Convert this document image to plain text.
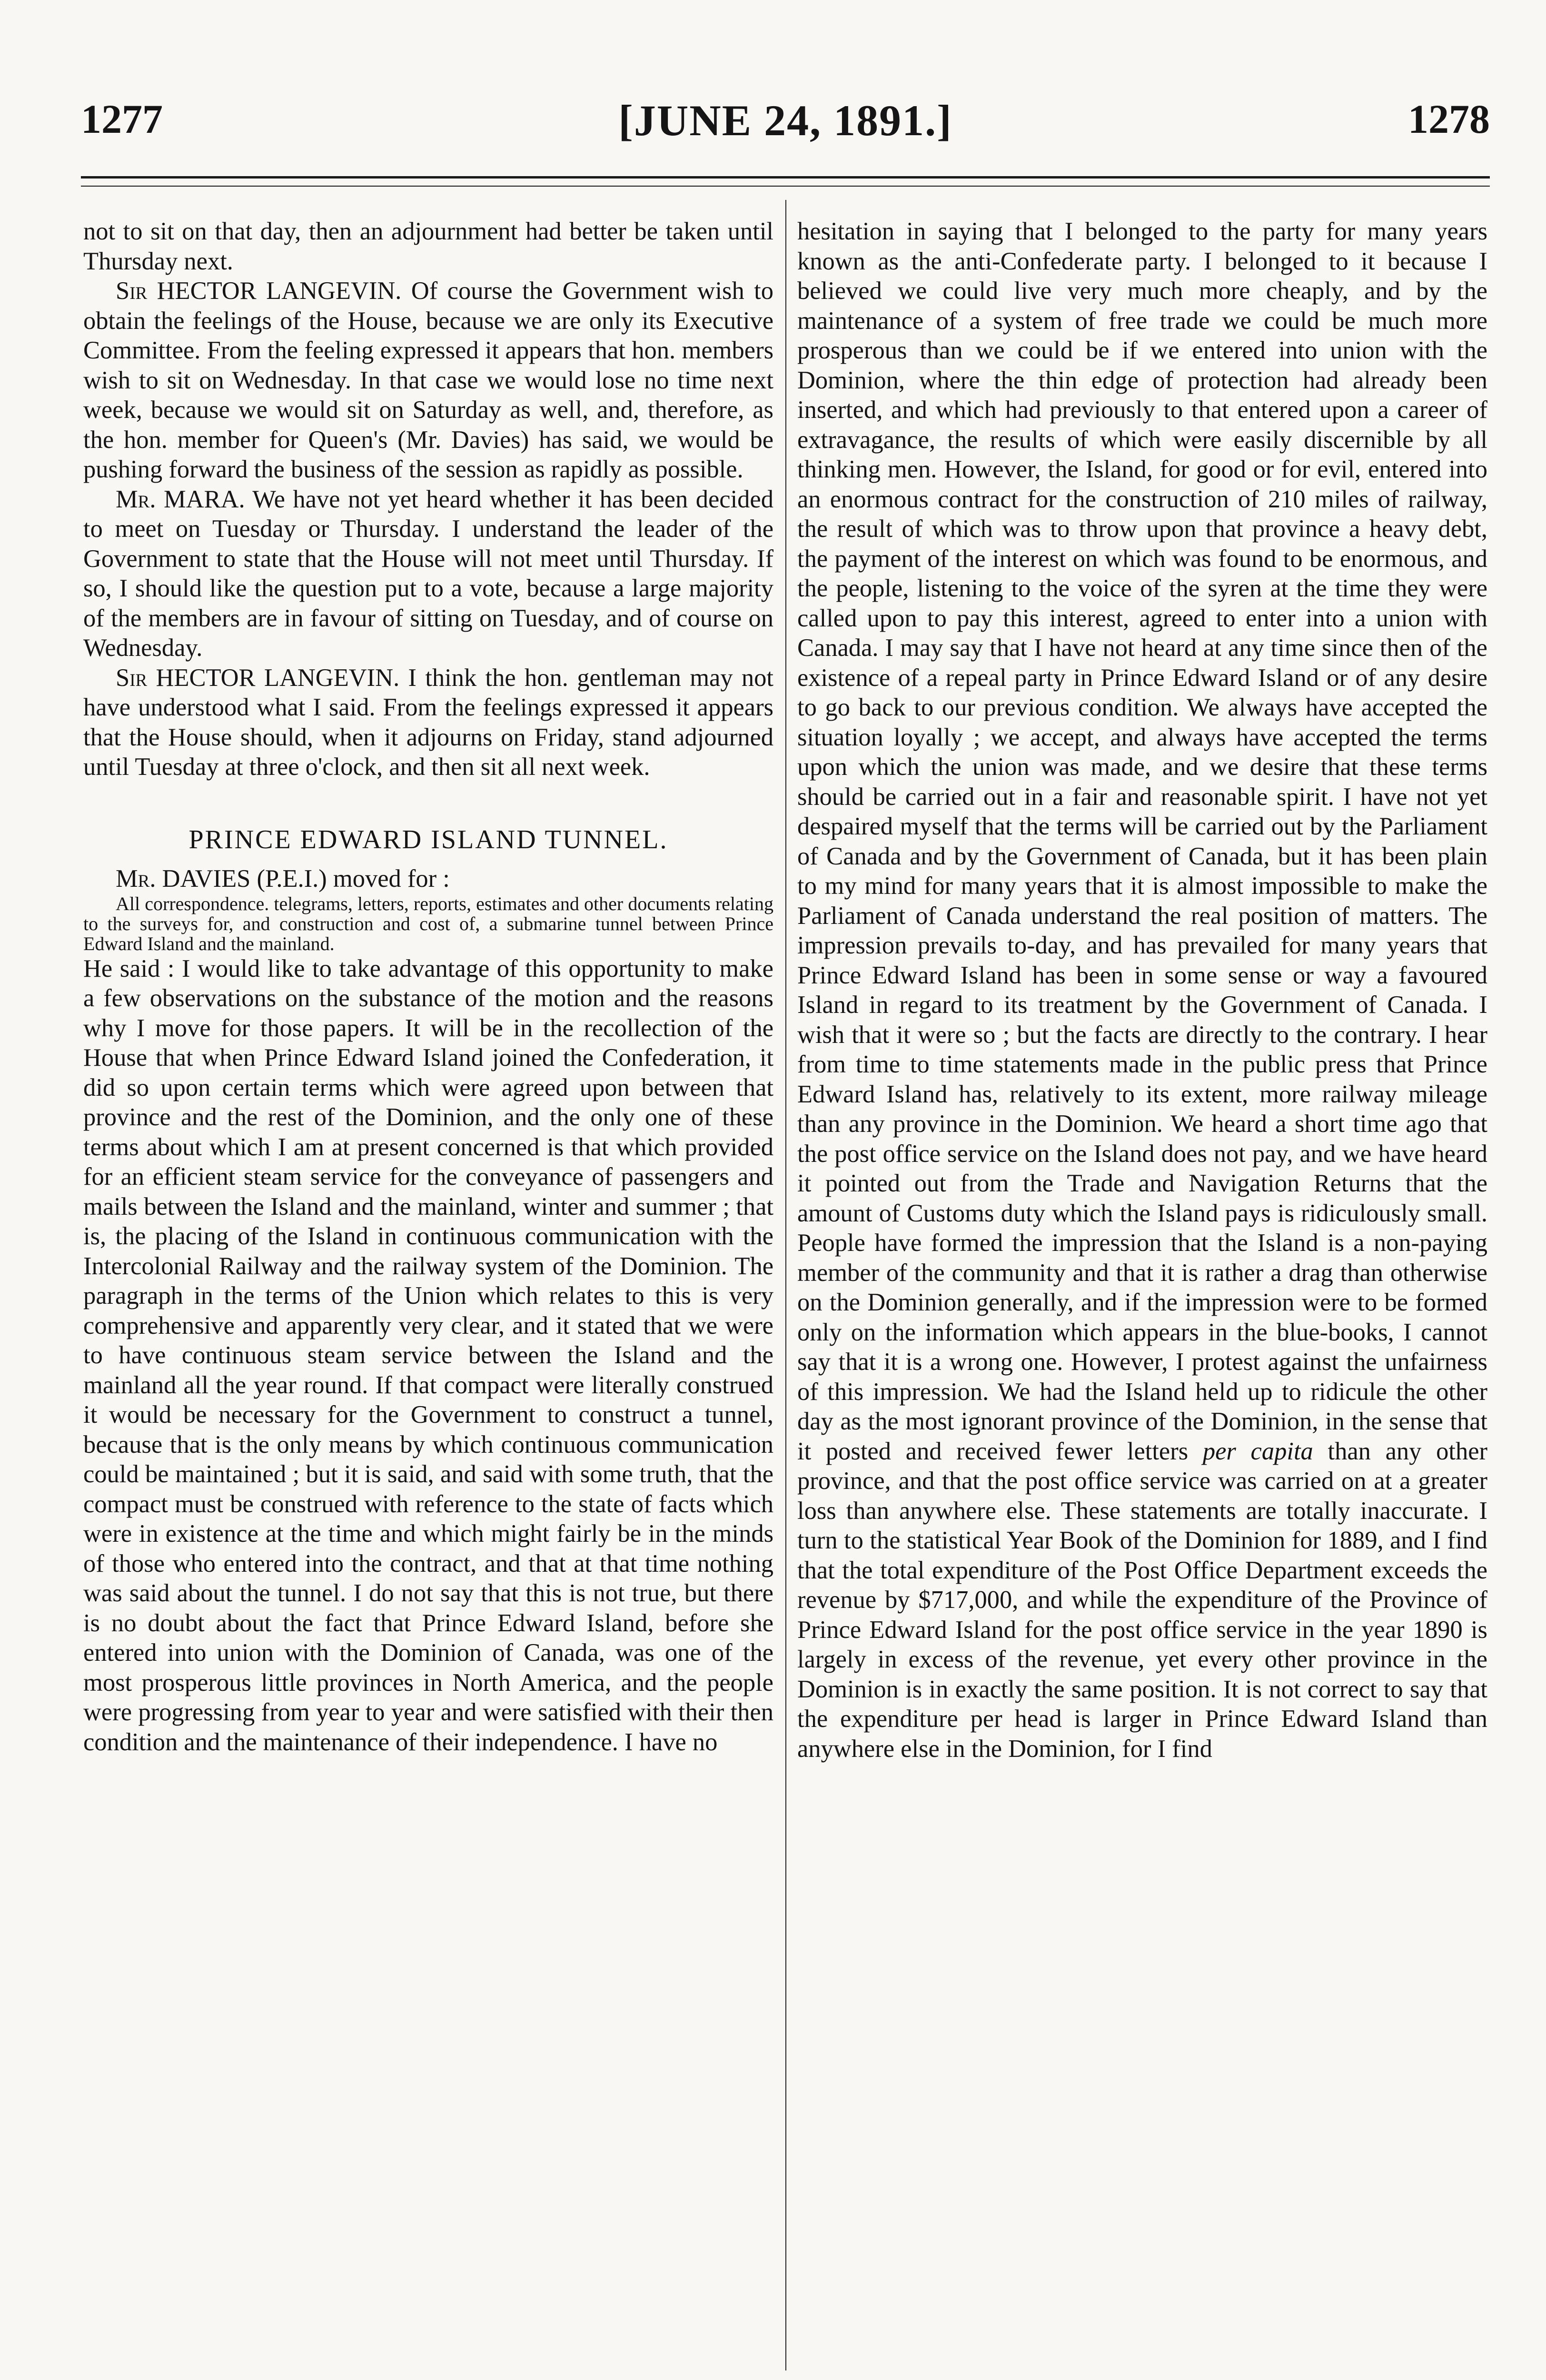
1277	[JUNE 24, 1891.]	1278

not to sit on that day, then an adjournment had better be taken until Thursday next.

Sir HECTOR LANGEVIN. Of course the Government wish to obtain the feelings of the House, because we are only its Executive Committee. From the feeling expressed it appears that hon. members wish to sit on Wednesday. In that case we would lose no time next week, because we would sit on Saturday as well, and, therefore, as the hon. member for Queen's (Mr. Davies) has said, we would be pushing forward the business of the session as rapidly as possible.

Mr. MARA. We have not yet heard whether it has been decided to meet on Tuesday or Thursday. I understand the leader of the Government to state that the House will not meet until Thursday. If so, I should like the question put to a vote, because a large majority of the members are in favour of sitting on Tuesday, and of course on Wednesday.

Sir HECTOR LANGEVIN. I think the hon. gentleman may not have understood what I said. From the feelings expressed it appears that the House should, when it adjourns on Friday, stand adjourned until Tuesday at three o'clock, and then sit all next week.

PRINCE EDWARD ISLAND TUNNEL.

Mr. DAVIES (P.E.I.) moved for :

All correspondence. telegrams, letters, reports, estimates and other documents relating to the surveys for, and construction and cost of, a submarine tunnel between Prince Edward Island and the mainland.

He said : I would like to take advantage of this opportunity to make a few observations on the substance of the motion and the reasons why I move for those papers. It will be in the recollection of the House that when Prince Edward Island joined the Confederation, it did so upon certain terms which were agreed upon between that province and the rest of the Dominion, and the only one of these terms about which I am at present concerned is that which provided for an efficient steam service for the conveyance of passengers and mails between the Island and the mainland, winter and summer ; that is, the placing of the Island in continuous communication with the Intercolonial Railway and the railway system of the Dominion. The paragraph in the terms of the Union which relates to this is very comprehensive and apparently very clear, and it stated that we were to have continuous steam service between the Island and the mainland all the year round. If that compact were literally construed it would be necessary for the Government to construct a tunnel, because that is the only means by which continuous communication could be maintained ; but it is said, and said with some truth, that the compact must be construed with reference to the state of facts which were in existence at the time and which might fairly be in the minds of those who entered into the contract, and that at that time nothing was said about the tunnel. I do not say that this is not true, but there is no doubt about the fact that Prince Edward Island, before she entered into union with the Dominion of Canada, was one of the most prosperous little provinces in North America, and the people were progressing from year to year and were satisfied with their then condition and the maintenance of their independence. I have no

hesitation in saying that I belonged to the party for many years known as the anti-Confederate party. I belonged to it because I believed we could live very much more cheaply, and by the maintenance of a system of free trade we could be much more prosperous than we could be if we entered into union with the Dominion, where the thin edge of protection had already been inserted, and which had previously to that entered upon a career of extravagance, the results of which were easily discernible by all thinking men. However, the Island, for good or for evil, entered into an enormous contract for the construction of 210 miles of railway, the result of which was to throw upon that province a heavy debt, the payment of the interest on which was found to be enormous, and the people, listening to the voice of the syren at the time they were called upon to pay this interest, agreed to enter into a union with Canada. I may say that I have not heard at any time since then of the existence of a repeal party in Prince Edward Island or of any desire to go back to our previous condition. We always have accepted the situation loyally ; we accept, and always have accepted the terms upon which the union was made, and we desire that these terms should be carried out in a fair and reasonable spirit. I have not yet despaired myself that the terms will be carried out by the Parliament of Canada and by the Government of Canada, but it has been plain to my mind for many years that it is almost impossible to make the Parliament of Canada understand the real position of matters. The impression prevails to-day, and has prevailed for many years that Prince Edward Island has been in some sense or way a favoured Island in regard to its treatment by the Government of Canada. I wish that it were so ; but the facts are directly to the contrary. I hear from time to time statements made in the public press that Prince Edward Island has, relatively to its extent, more railway mileage than any province in the Dominion. We heard a short time ago that the post office service on the Island does not pay, and we have heard it pointed out from the Trade and Navigation Returns that the amount of Customs duty which the Island pays is ridiculously small. People have formed the impression that the Island is a non-paying member of the community and that it is rather a drag than otherwise on the Dominion generally, and if the impression were to be formed only on the information which appears in the blue-books, I cannot say that it is a wrong one. However, I protest against the unfairness of this impression. We had the Island held up to ridicule the other day as the most ignorant province of the Dominion, in the sense that it posted and received fewer letters per capita than any other province, and that the post office service was carried on at a greater loss than anywhere else. These statements are totally inaccurate. I turn to the statistical Year Book of the Dominion for 1889, and I find that the total expenditure of the Post Office Department exceeds the revenue by $717,000, and while the expenditure of the Province of Prince Edward Island for the post office service in the year 1890 is largely in excess of the revenue, yet every other province in the Dominion is in exactly the same position. It is not correct to say that the expenditure per head is larger in Prince Edward Island than anywhere else in the Dominion, for I find
